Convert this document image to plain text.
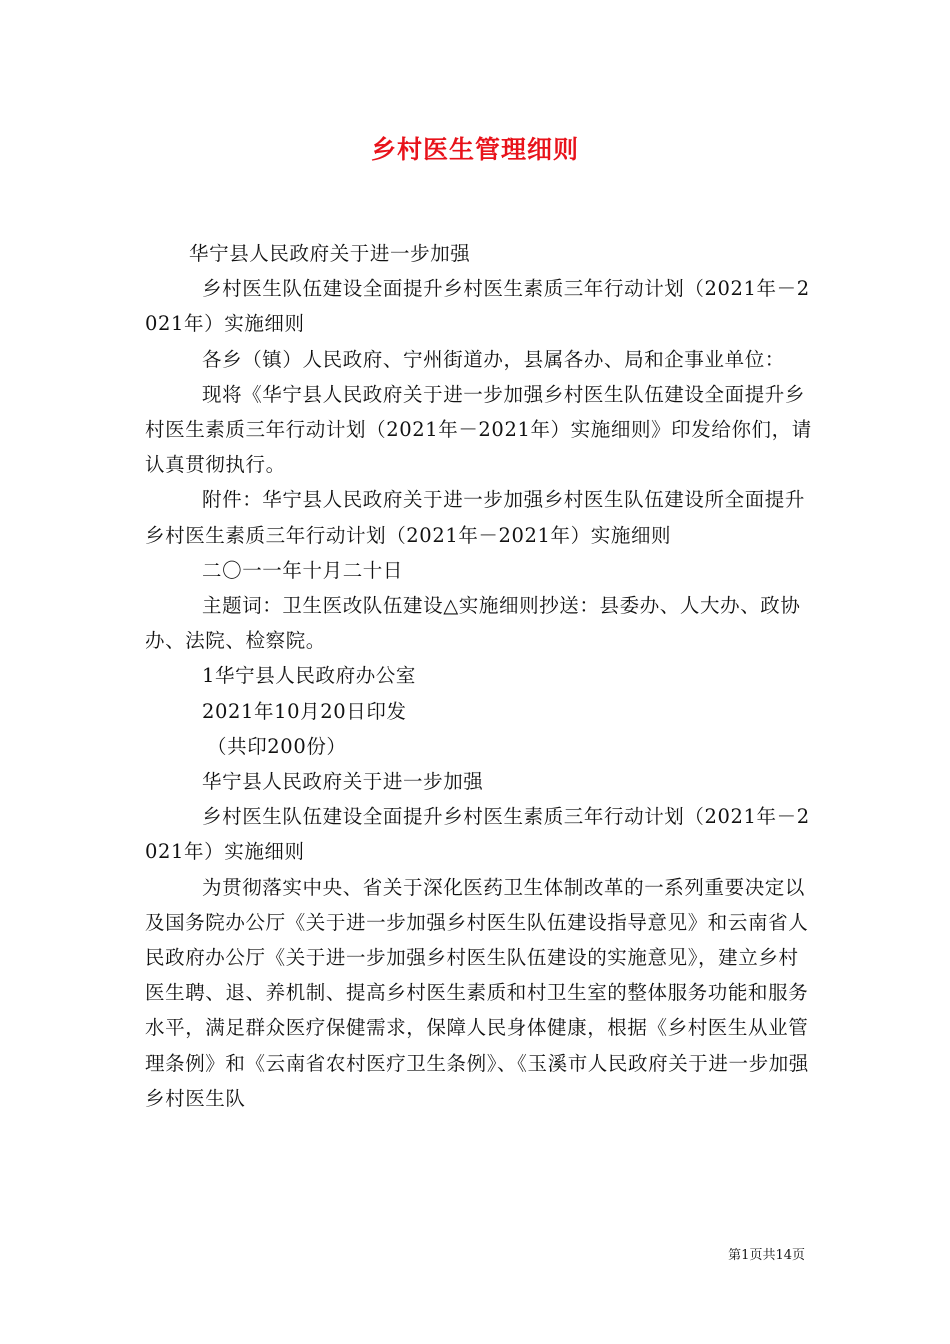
乡村医生管理细则

华宁县人民政府关于进一步加强

乡村医生队伍建设全面提升乡村医生素质三年行动计划（2021年－2021年）实施细则

各乡（镇）人民政府、宁州街道办，县属各办、局和企事业单位：

现将《华宁县人民政府关于进一步加强乡村医生队伍建设全面提升乡村医生素质三年行动计划（2021年－2021年）实施细则》印发给你们，请认真贯彻执行。

附件：华宁县人民政府关于进一步加强乡村医生队伍建设所全面提升乡村医生素质三年行动计划（2021年－2021年）实施细则

二〇一一年十月二十日

主题词：卫生医改队伍建设△实施细则抄送：县委办、人大办、政协办、法院、检察院。

1华宁县人民政府办公室

2021年10月20日印发

（共印200份）

华宁县人民政府关于进一步加强

乡村医生队伍建设全面提升乡村医生素质三年行动计划（2021年－2021年）实施细则

为贯彻落实中央、省关于深化医药卫生体制改革的一系列重要决定以及国务院办公厅《关于进一步加强乡村医生队伍建设指导意见》和云南省人民政府办公厅《关于进一步加强乡村医生队伍建设的实施意见》，建立乡村医生聘、退、养机制、提高乡村医生素质和村卫生室的整体服务功能和服务水平，满足群众医疗保健需求，保障人民身体健康，根据《乡村医生从业管理条例》和《云南省农村医疗卫生条例》、《玉溪市人民政府关于进一步加强乡村医生队

第1页共14页
